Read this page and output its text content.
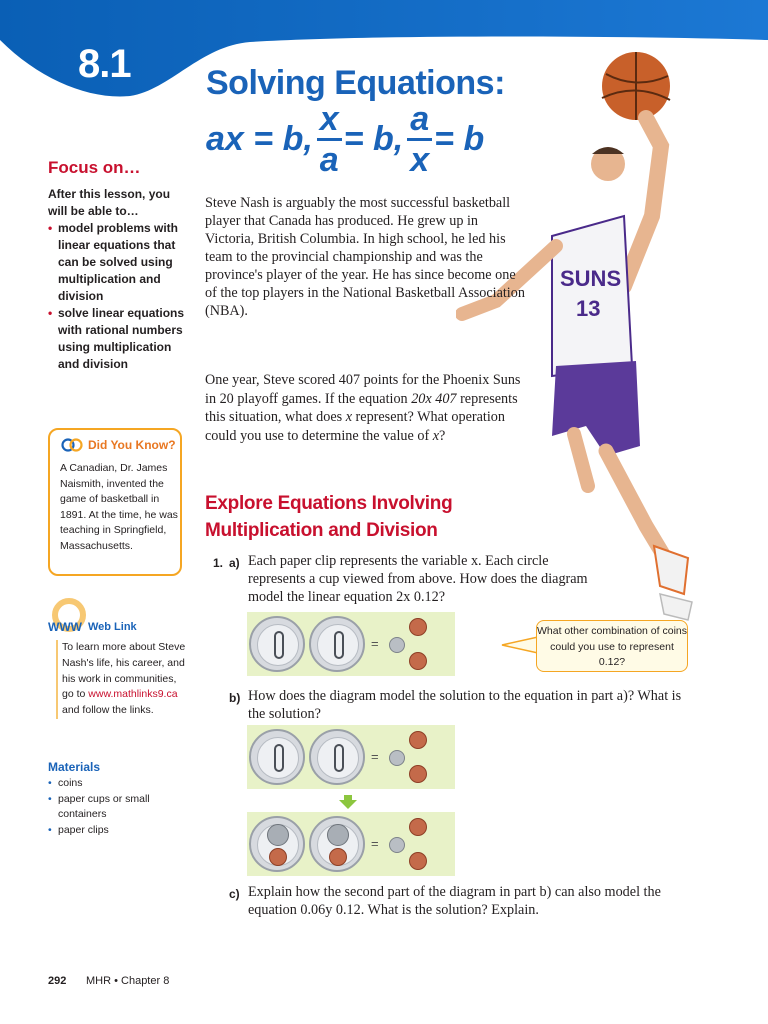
8.1 Solving Equations:
ax = b, $\frac{x}{a} = b$, $\frac{a}{x} = b$
SUNS
13
Focus on…
After this lesson, you will be able to…
• model problems with linear equations that can be solved using multiplication and division
• solve linear equations with rational numbers using multiplication and division
Did You Know?
A Canadian, Dr. James Naismith, invented the game of basketball in 1891. At the time, he was teaching in Springfield, Massachusetts.
WWW Web Link
To learn more about Steve Nash's life, his career, and his work in communities, go to www.mathlinks9.ca and follow the links.
Materials
• coins
• paper cups or small containers
• paper clips
Steve Nash is arguably the most successful basketball player that Canada has produced. He grew up in Victoria, British Columbia. In high school, he led his team to the provincial championship and was the province's player of the year. He has since become one of the top players in the National Basketball Association (NBA).
One year, Steve scored 407 points for the Phoenix Suns in 20 playoff games. If the equation 20x 407 represents this situation, what does x represent? What operation could you use to determine the value of x?
Explore Equations Involving Multiplication and Division
1. a) Each paper clip represents the variable x. Each circle represents a cup viewed from above. How does the diagram model the linear equation 2x 0.12?
=
What other combination of coins could you use to represent 0.12?
b) How does the diagram model the solution to the equation in part a)? What is the solution?
=
=
c) Explain how the second part of the diagram in part b) can also model the equation 0.06y 0.12. What is the solution? Explain.
292 MHR • Chapter 8
